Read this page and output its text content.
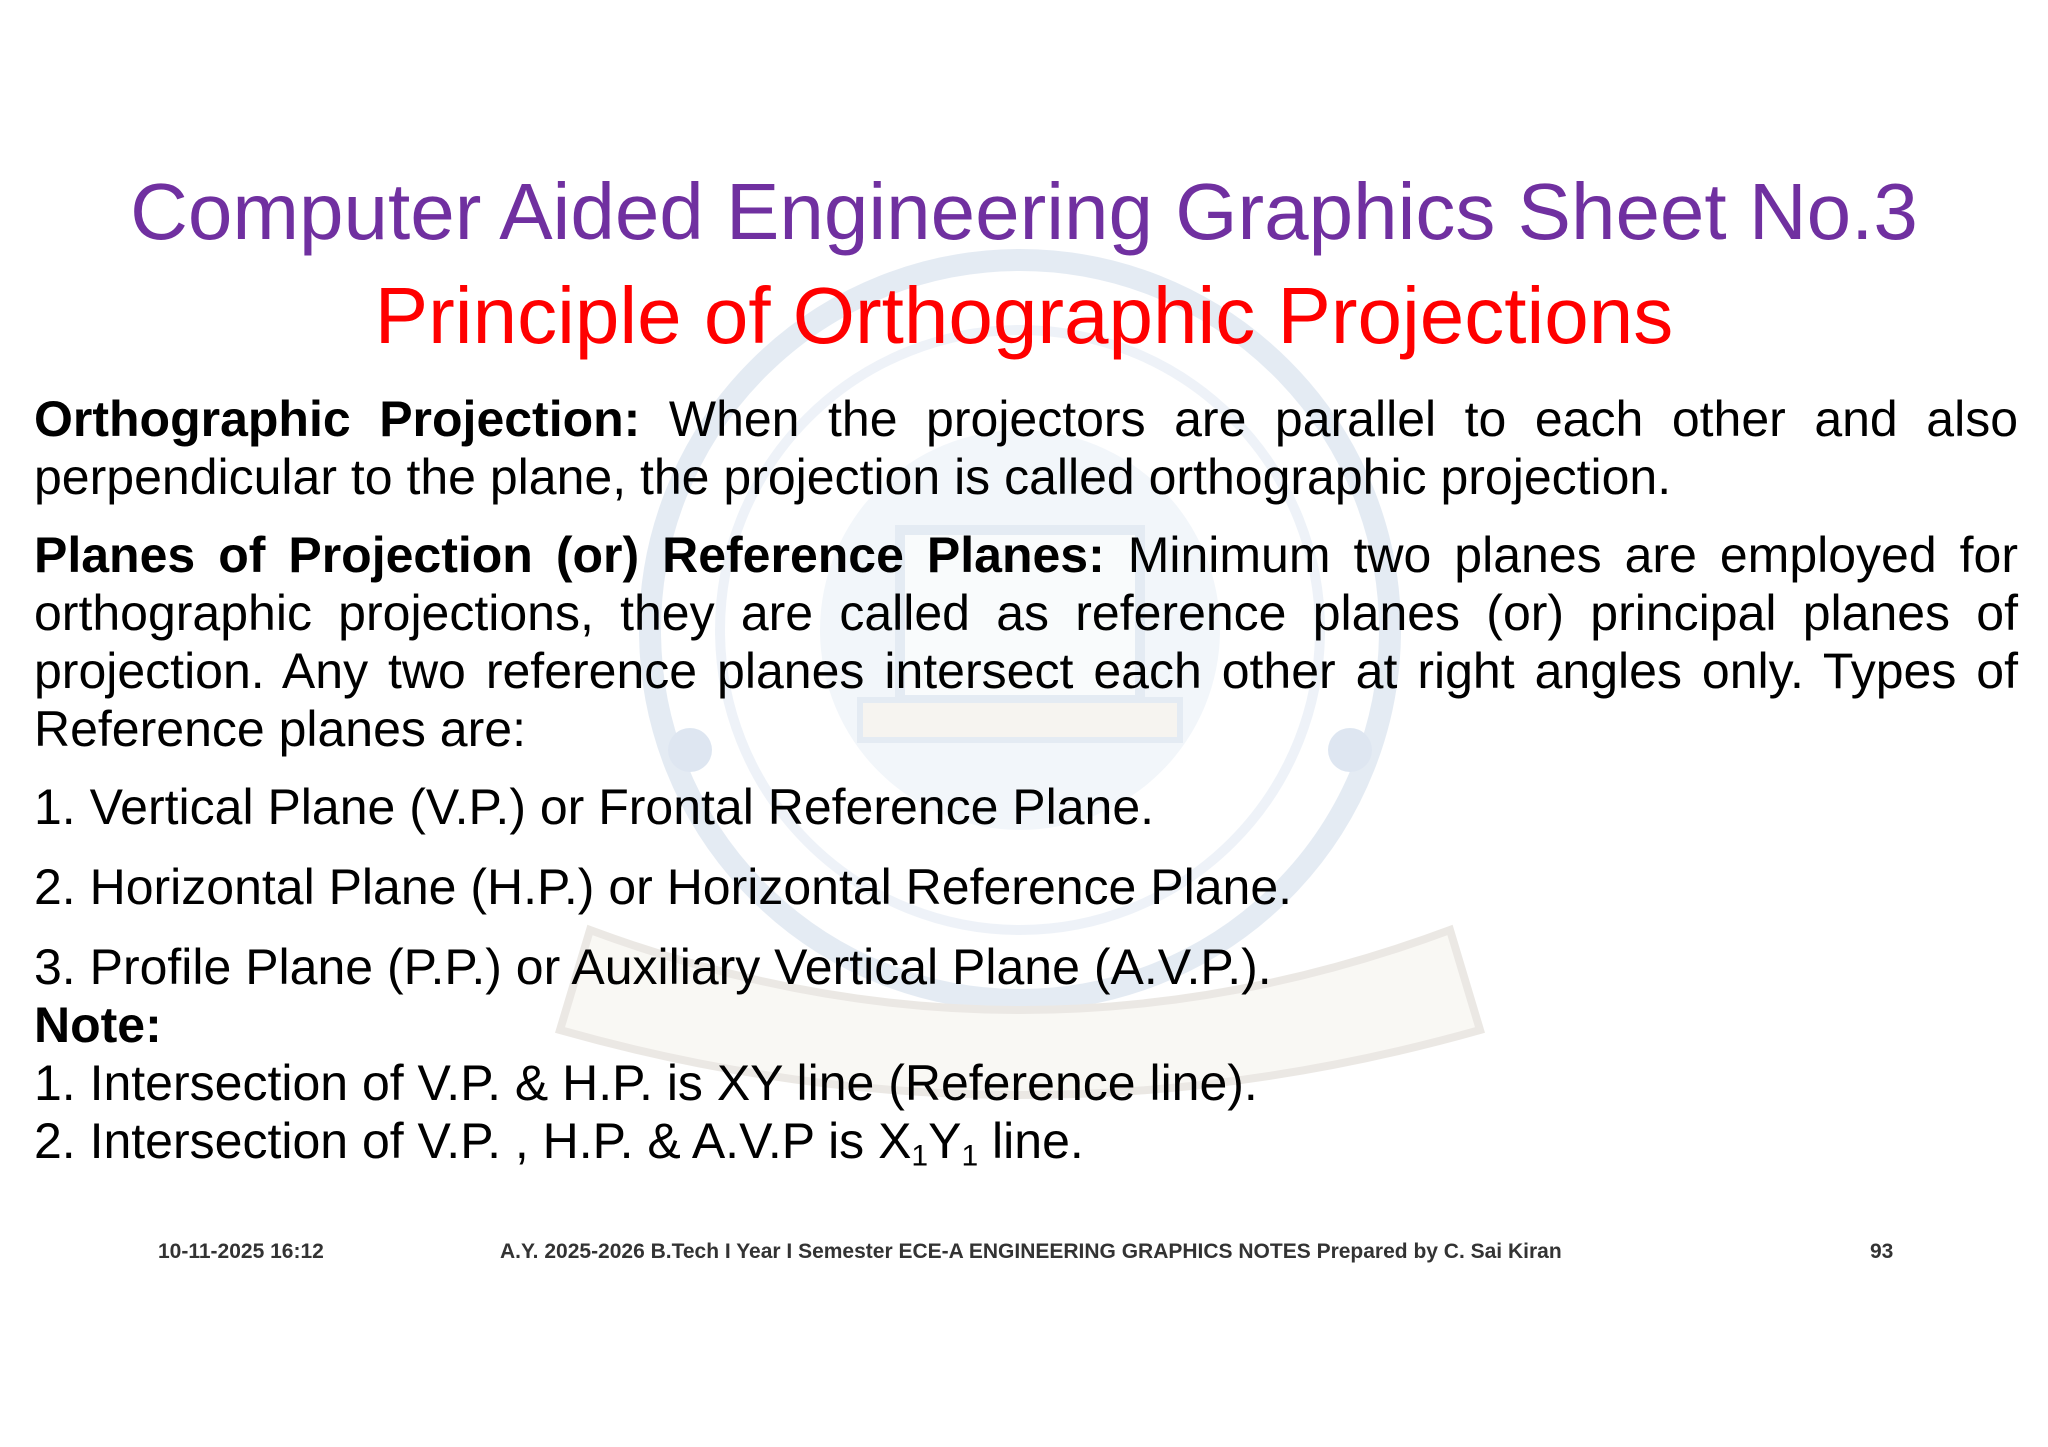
Computer Aided Engineering Graphics Sheet No.3
Principle of Orthographic Projections

Orthographic Projection: When the projectors are parallel to each other and also perpendicular to the plane, the projection is called orthographic projection.

Planes of Projection (or) Reference Planes: Minimum two planes are employed for orthographic projections, they are called as reference planes (or) principal planes of projection. Any two reference planes intersect each other at right angles only. Types of Reference planes are:

1. Vertical Plane (V.P.) or Frontal Reference Plane.

2. Horizontal Plane (H.P.) or Horizontal Reference Plane.

3. Profile Plane (P.P.) or Auxiliary Vertical Plane (A.V.P.).

Note:

1. Intersection of V.P. & H.P. is XY line (Reference line).

2. Intersection of V.P. , H.P. & A.V.P is $X_1Y_1$ line.

10-11-2025 16:12	A.Y. 2025-2026 B.Tech I Year I Semester ECE-A ENGINEERING GRAPHICS NOTES Prepared by C. Sai Kiran	93
